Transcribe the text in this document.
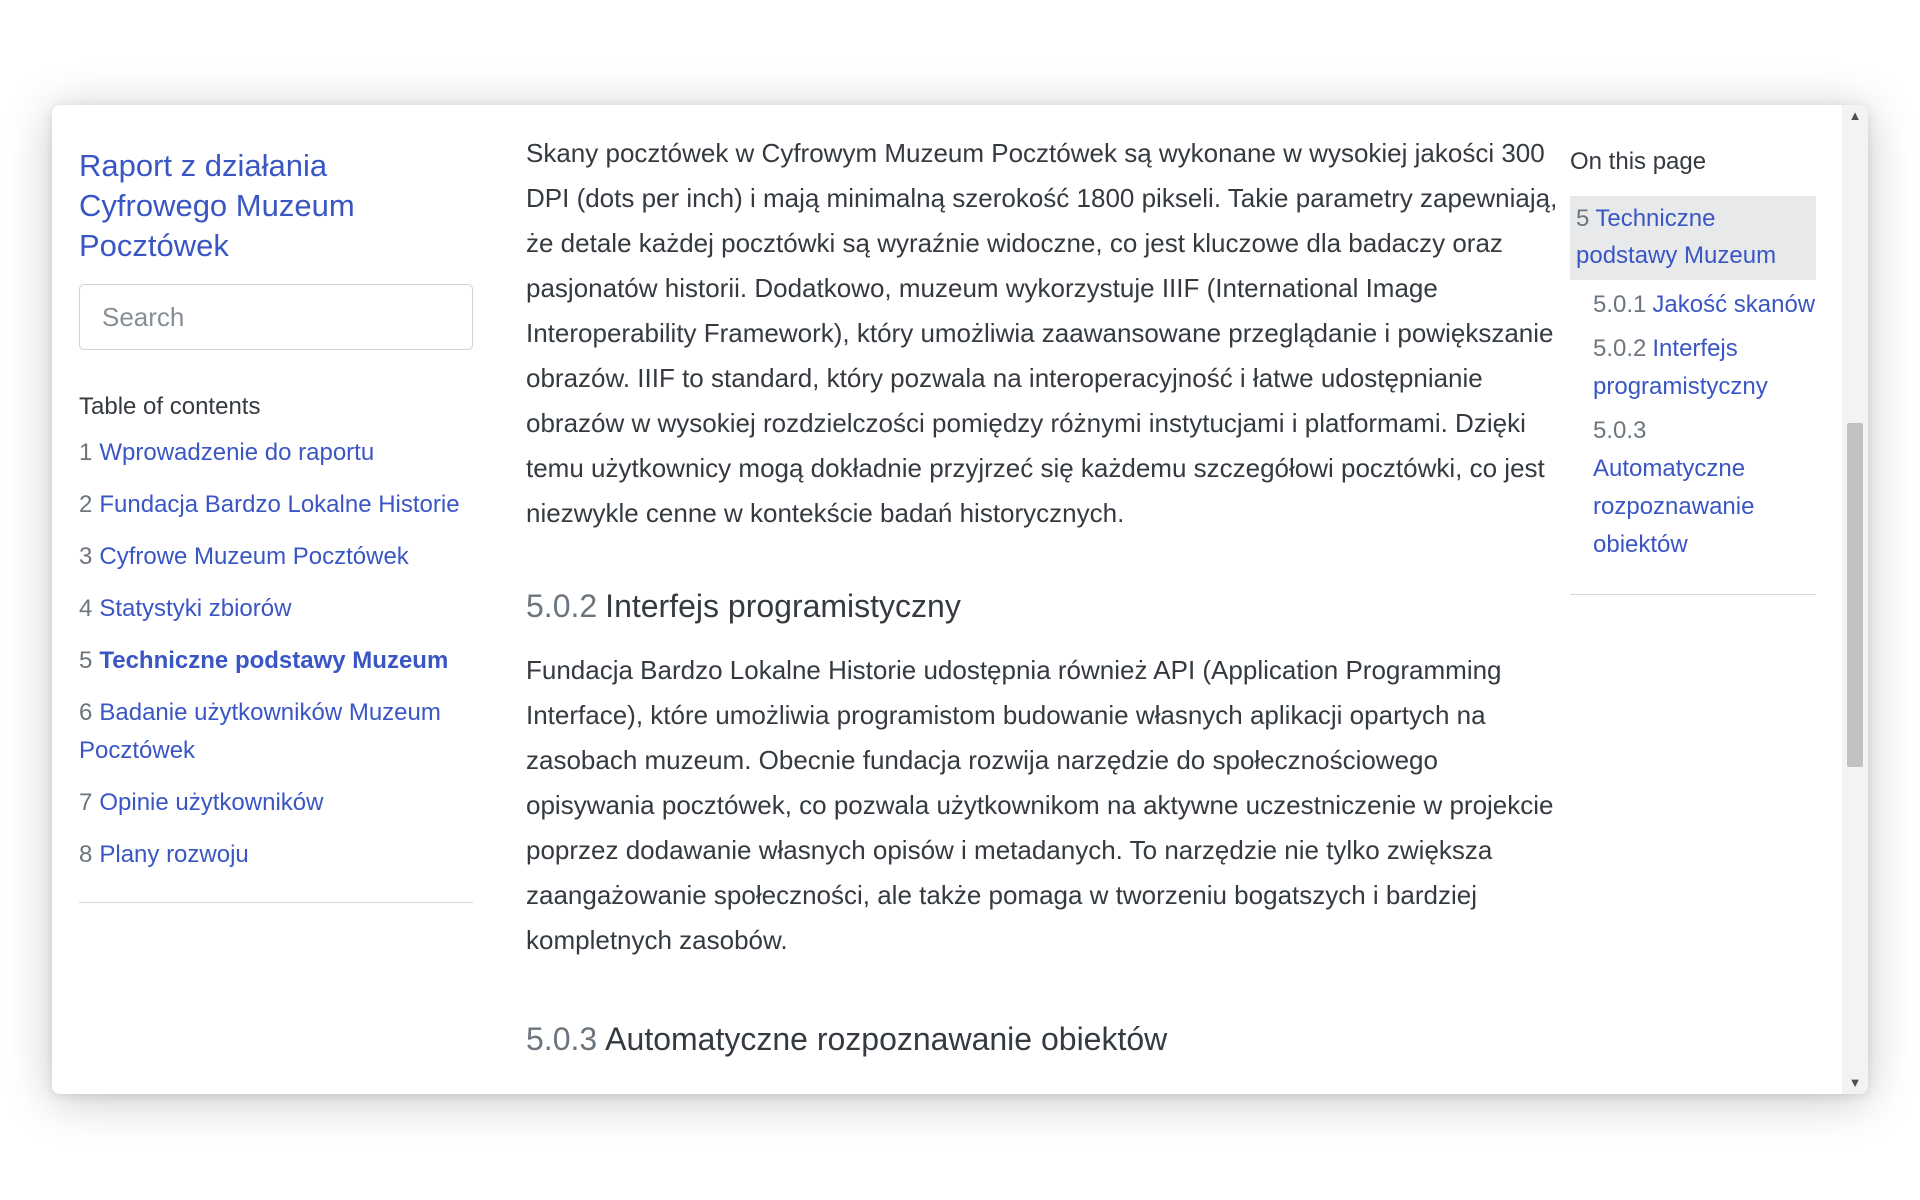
Raport z działania Cyfrowego Muzeum Pocztówek
Search
Table of contents
1 Wprowadzenie do raportu
2 Fundacja Bardzo Lokalne Historie
3 Cyfrowe Muzeum Pocztówek
4 Statystyki zbiorów
5 Techniczne podstawy Muzeum
6 Badanie użytkowników Muzeum Pocztówek
7 Opinie użytkowników
8 Plany rozwoju

Skany pocztówek w Cyfrowym Muzeum Pocztówek są wykonane w wysokiej jakości 300 DPI (dots per inch) i mają minimalną szerokość 1800 pikseli. Takie parametry zapewniają, że detale każdej pocztówki są wyraźnie widoczne, co jest kluczowe dla badaczy oraz pasjonatów historii. Dodatkowo, muzeum wykorzystuje IIIF (International Image Interoperability Framework), który umożliwia zaawansowane przeglądanie i powiększanie obrazów. IIIF to standard, który pozwala na interoperacyjność i łatwe udostępnianie obrazów w wysokiej rozdzielczości pomiędzy różnymi instytucjami i platformami. Dzięki temu użytkownicy mogą dokładnie przyjrzeć się każdemu szczegółowi pocztówki, co jest niezwykle cenne w kontekście badań historycznych.

5.0.2 Interfejs programistyczny

Fundacja Bardzo Lokalne Historie udostępnia również API (Application Programming Interface), które umożliwia programistom budowanie własnych aplikacji opartych na zasobach muzeum. Obecnie fundacja rozwija narzędzie do społecznościowego opisywania pocztówek, co pozwala użytkownikom na aktywne uczestniczenie w projekcie poprzez dodawanie własnych opisów i metadanych. To narzędzie nie tylko zwiększa zaangażowanie społeczności, ale także pomaga w tworzeniu bogatszych i bardziej kompletnych zasobów.

5.0.3 Automatyczne rozpoznawanie obiektów
On this page
5 Techniczne podstawy Muzeum
5.0.1 Jakość skanów
5.0.2 Interfejs programistyczny
5.0.3
Automatyczne rozpoznawanie obiektów
▲
▼
